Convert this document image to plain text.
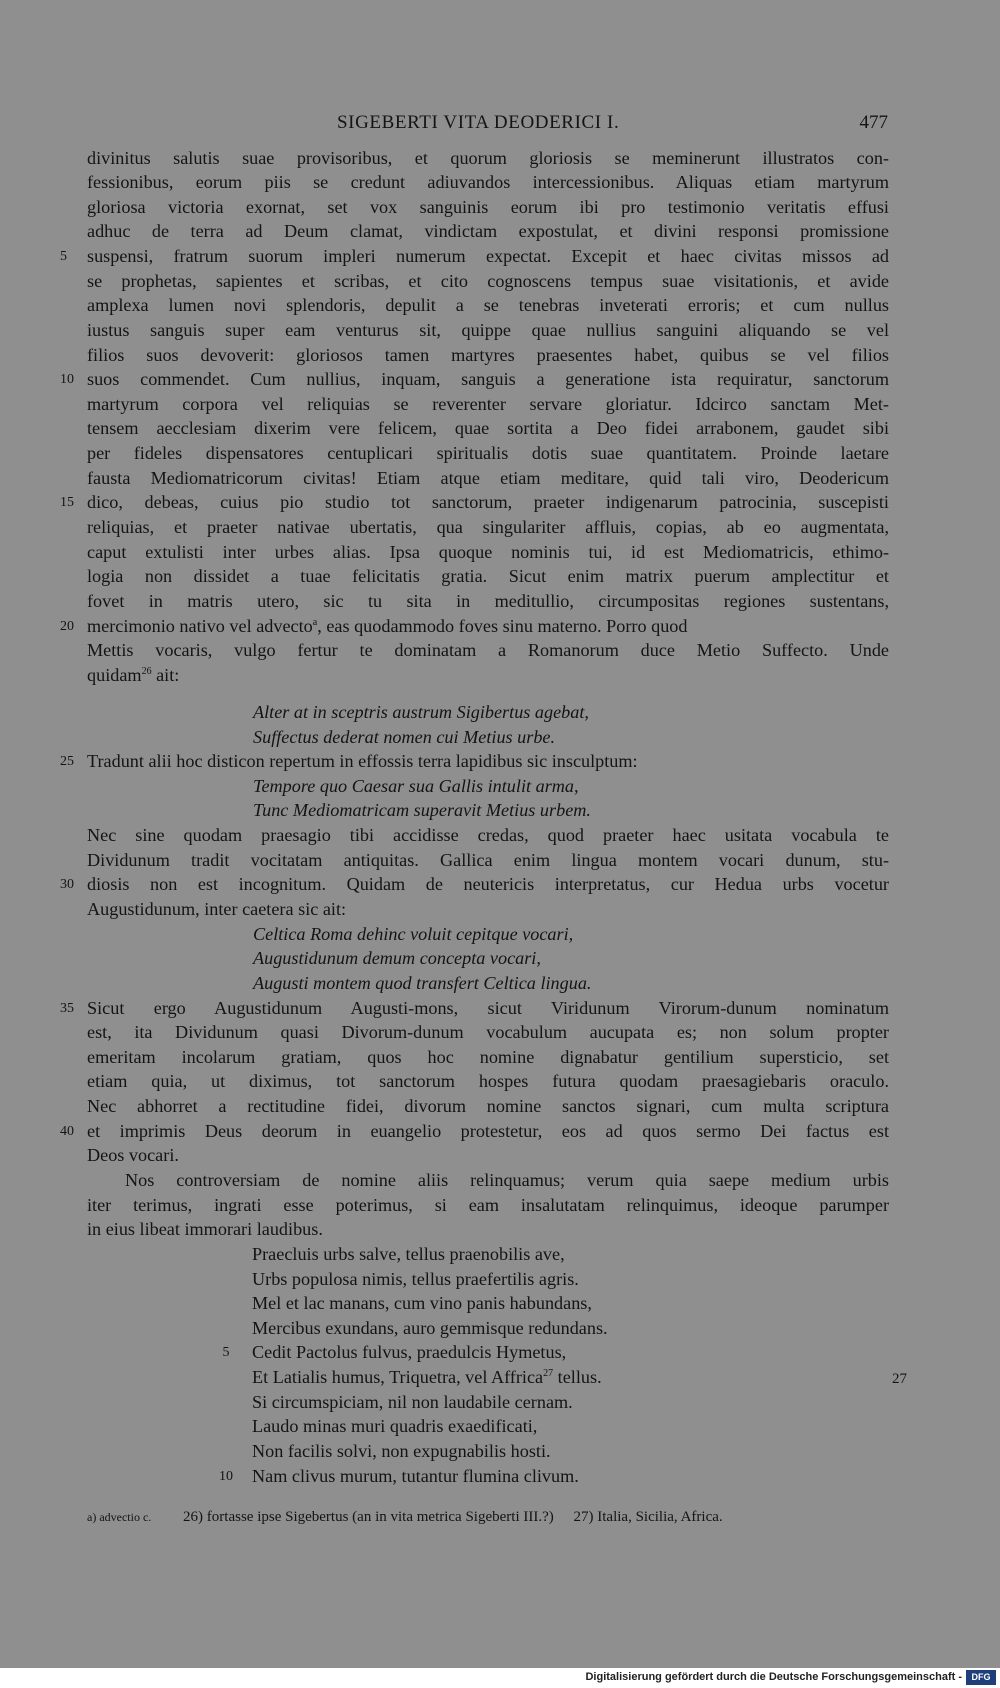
SIGEBERTI VITA DEODERICI I.	477
divinitus salutis suae provisoribus, et quorum gloriosis se meminerunt illustratos con-
fessionibus, eorum piis se credunt adiuvandos intercessionibus. Aliquas etiam martyrum
gloriosa victoria exornat, set vox sanguinis eorum ibi pro testimonio veritatis effusi
adhuc de terra ad Deum clamat, vindictam expostulat, et divini responsi promissione
suspensi, fratrum suorum impleri numerum expectat. Excepit et haec civitas missos ad
se prophetas, sapientes et scribas, et cito cognoscens tempus suae visitationis, et avide
amplexa lumen novi splendoris, depulit a se tenebras inveterati erroris; et cum nullus
iustus sanguis super eam venturus sit, quippe quae nullius sanguini aliquando se vel
filios suos devoverit: gloriosos tamen martyres praesentes habet, quibus se vel filios
suos commendet. Cum nullius, inquam, sanguis a generatione ista requiratur, sanctorum
martyrum corpora vel reliquias se reverenter servare gloriatur. Idcirco sanctam Met-
tensem aecclesiam dixerim vere felicem, quae sortita a Deo fidei arrabonem, gaudet sibi
per fideles dispensatores centuplicari spiritualis dotis suae quantitatem. Proinde laetare
fausta Mediomatricorum civitas! Etiam atque etiam meditare, quid tali viro, Deodericum
dico, debeas, cuius pio studio tot sanctorum, praeter indigenarum patrocinia, suscepisti
reliquias, et praeter nativae ubertatis, qua singulariter affluis, copias, ab eo augmentata,
caput extulisti inter urbes alias. Ipsa quoque nominis tui, id est Mediomatricis, ethimo-
logia non dissidet a tuae felicitatis gratia. Sicut enim matrix puerum amplectitur et
fovet in matris utero, sic tu sita in meditullio, circumpositas regiones sustentans,
mercimonio nativo vel advecto$^a$, eas quodammodo foves sinu materno. Porro quod
Mettis vocaris, vulgo fertur te dominatam a Romanorum duce Metio Suffecto. Unde
quidam$^{26}$ ait:
Alter at in sceptris austrum Sigibertus agebat,
Suffectus dederat nomen cui Metius urbe.
Tradunt alii hoc disticon repertum in effossis terra lapidibus sic insculptum:
Tempore quo Caesar sua Gallis intulit arma,
Tunc Mediomatricam superavit Metius urbem.
Nec sine quodam praesagio tibi accidisse credas, quod praeter haec usitata vocabula te
Dividunum tradit vocitatam antiquitas. Gallica enim lingua montem vocari dunum, stu-
diosis non est incognitum. Quidam de neutericis interpretatus, cur Hedua urbs vocetur
Augustidunum, inter caetera sic ait:
Celtica Roma dehinc voluit cepitque vocari,
Augustidunum demum concepta vocari,
Augusti montem quod transfert Celtica lingua.
Sicut ergo Augustidunum Augusti-mons, sicut Viridunum Virorum-dunum nominatum
est, ita Dividunum quasi Divorum-dunum vocabulum aucupata es; non solum propter
emeritam incolarum gratiam, quos hoc nomine dignabatur gentilium supersticio, set
etiam quia, ut diximus, tot sanctorum hospes futura quodam praesagiebaris oraculo.
Nec abhorret a rectitudine fidei, divorum nomine sanctos signari, cum multa scriptura
et imprimis Deus deorum in euangelio protestetur, eos ad quos sermo Dei factus est
Deos vocari.
Nos controversiam de nomine aliis relinquamus; verum quia saepe medium urbis
iter terimus, ingrati esse poterimus, si eam insalutatam relinquimus, ideoque parumper
in eius libeat immorari laudibus.
Praecluis urbs salve, tellus praenobilis ave,
Urbs populosa nimis, tellus praefertilis agris.
Mel et lac manans, cum vino panis habundans,
Mercibus exundans, auro gemmisque redundans.
Cedit Pactolus fulvus, praedulcis Hymetus,
Et Latialis humus, Triquetra, vel Affrica$^{27}$ tellus.
Si circumspiciam, nil non laudabile cernam.
Laudo minas muri quadris exaedificati,
Non facilis solvi, non expugnabilis hosti.
Nam clivus murum, tutantur flumina clivum.
5
10
15
20
25
30
35
40
5
10
27
a) advectio c. 26) fortasse ipse Sigebertus (an in vita metrica Sigeberti III.?) 27) Italia, Sicilia, Africa.
Digitalisierung gefördert durch die Deutsche Forschungsgemeinschaft -	DFG
